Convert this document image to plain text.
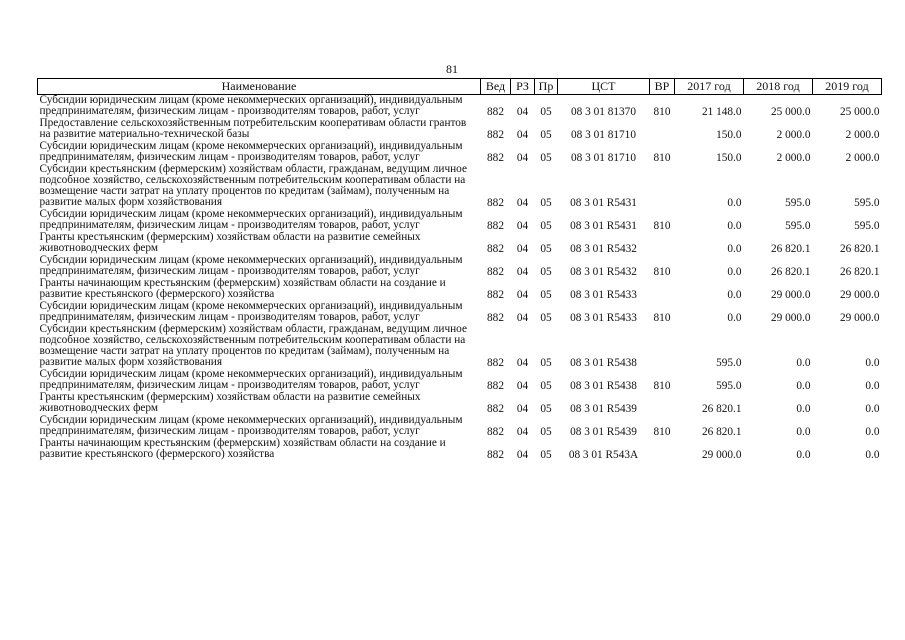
81
Наименование	Вед	РЗ	Пр	ЦСТ	ВР	2017 год	2018 год	2019 год
Субсидии юридическим лицам (кроме некоммерческих организаций), индивидуальным предпринимателям, физическим лицам - производителям товаров, работ, услуг	882	04	05	08 3 01 81370	810	21 148.0	25 000.0	25 000.0
Предоставление сельскохозяйственным потребительским кооперативам области грантов на развитие материально-технической базы	882	04	05	08 3 01 81710		150.0	2 000.0	2 000.0
Субсидии юридическим лицам (кроме некоммерческих организаций), индивидуальным предпринимателям, физическим лицам - производителям товаров, работ, услуг	882	04	05	08 3 01 81710	810	150.0	2 000.0	2 000.0
Субсидии крестьянским (фермерским) хозяйствам области, гражданам, ведущим личное подсобное хозяйство, сельскохозяйственным потребительским кооперативам области на возмещение части затрат на уплату процентов по кредитам (займам), полученным на развитие малых форм хозяйствования	882	04	05	08 3 01 R5431		0.0	595.0	595.0
Субсидии юридическим лицам (кроме некоммерческих организаций), индивидуальным предпринимателям, физическим лицам - производителям товаров, работ, услуг	882	04	05	08 3 01 R5431	810	0.0	595.0	595.0
Гранты крестьянским (фермерским) хозяйствам области на развитие семейных животноводческих ферм	882	04	05	08 3 01 R5432		0.0	26 820.1	26 820.1
Субсидии юридическим лицам (кроме некоммерческих организаций), индивидуальным предпринимателям, физическим лицам - производителям товаров, работ, услуг	882	04	05	08 3 01 R5432	810	0.0	26 820.1	26 820.1
Гранты начинающим крестьянским (фермерским) хозяйствам области на создание и развитие крестьянского (фермерского) хозяйства	882	04	05	08 3 01 R5433		0.0	29 000.0	29 000.0
Субсидии юридическим лицам (кроме некоммерческих организаций), индивидуальным предпринимателям, физическим лицам - производителям товаров, работ, услуг	882	04	05	08 3 01 R5433	810	0.0	29 000.0	29 000.0
Субсидии крестьянским (фермерским) хозяйствам области, гражданам, ведущим личное подсобное хозяйство, сельскохозяйственным потребительским кооперативам области на возмещение части затрат на уплату процентов по кредитам (займам), полученным на развитие малых форм хозяйствования	882	04	05	08 3 01 R5438		595.0	0.0	0.0
Субсидии юридическим лицам (кроме некоммерческих организаций), индивидуальным предпринимателям, физическим лицам - производителям товаров, работ, услуг	882	04	05	08 3 01 R5438	810	595.0	0.0	0.0
Гранты крестьянским (фермерским) хозяйствам области на развитие семейных животноводческих ферм	882	04	05	08 3 01 R5439		26 820.1	0.0	0.0
Субсидии юридическим лицам (кроме некоммерческих организаций), индивидуальным предпринимателям, физическим лицам - производителям товаров, работ, услуг	882	04	05	08 3 01 R5439	810	26 820.1	0.0	0.0
Гранты начинающим крестьянским (фермерским) хозяйствам области на создание и развитие крестьянского (фермерского) хозяйства	882	04	05	08 3 01 R543A		29 000.0	0.0	0.0
